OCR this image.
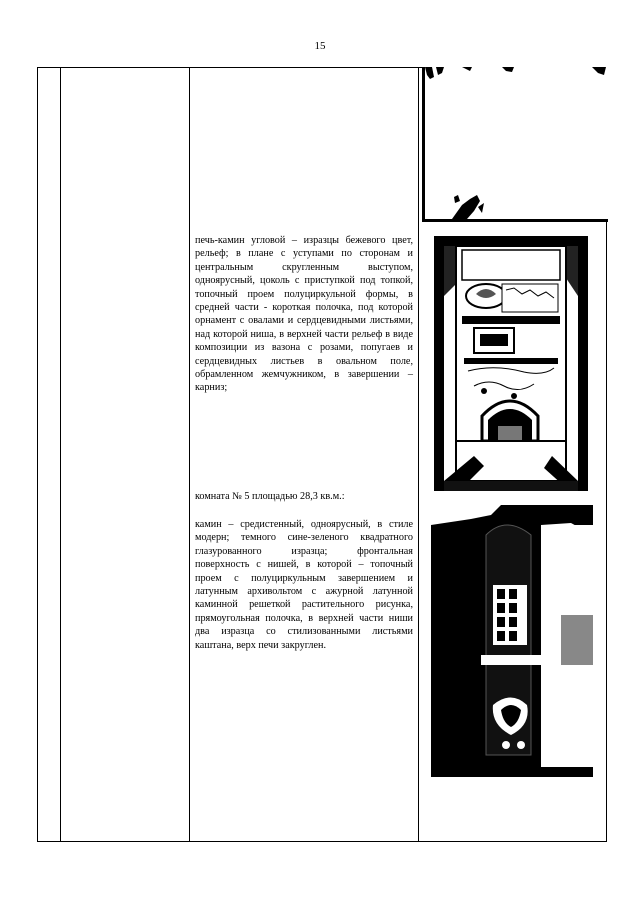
15

печь-камин угловой – изразцы бежевого цвет, рельеф; в плане с уступами по сторонам и центральным скругленным выступом, одноярусный, цоколь с приступкой под топкой, топочный проем полуциркульной формы, в средней части - короткая полочка, под которой орнамент с овалами и сердцевидными листьями, над которой ниша, в верхней части рельеф в виде композиции из вазона с розами, попугаев и сердцевидных листьев в овальном поле, обрамленном жемчужником, в завершении – карниз;

комната № 5 площадью 28,3 кв.м.:

камин – средистенный, одноярусный, в стиле модерн; темного сине-зеленого квадратного глазурованного изразца; фронтальная поверхность с нишей, в которой – топочный проем с полуциркульным завершением и латунным архивольтом с ажурной латунной каминной решеткой растительного рисунка, прямоугольная полочка, в верхней части ниши два изразца со стилизованными листьями каштана, верх печи закруглен.
